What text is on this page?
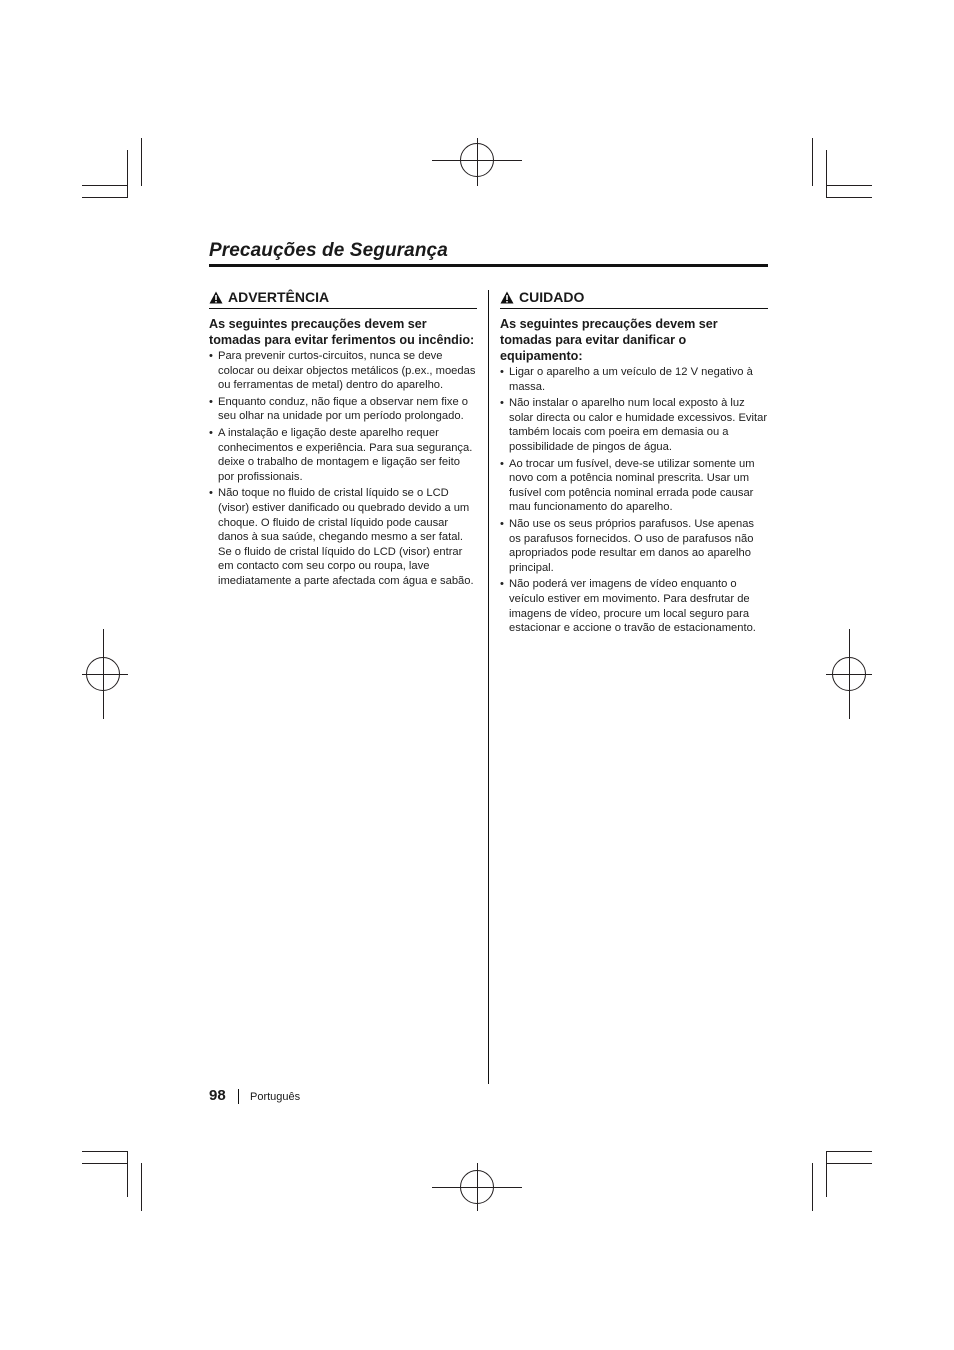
Precauções de Segurança
ADVERTÊNCIA
As seguintes precauções devem ser tomadas para evitar ferimentos ou incêndio:
• Para prevenir curtos-circuitos, nunca se deve colocar ou deixar objectos metálicos (p.ex., moedas ou ferramentas de metal) dentro do aparelho.
• Enquanto conduz, não fique a observar nem fixe o seu olhar na unidade por um período prolongado.
• A instalação e ligação deste aparelho requer conhecimentos e experiência. Para sua segurança. deixe o trabalho de montagem e ligação ser feito por profissionais.
• Não toque no fluido de cristal líquido se o LCD (visor) estiver danificado ou quebrado devido a um choque. O fluido de cristal líquido pode causar danos à sua saúde, chegando mesmo a ser fatal.
Se o fluido de cristal líquido do LCD (visor) entrar em contacto com seu corpo ou roupa, lave imediatamente a parte afectada com água e sabão.
CUIDADO
As seguintes precauções devem ser tomadas para evitar danificar o equipamento:
• Ligar o aparelho a um veículo de 12 V negativo à massa.
• Não instalar o aparelho num local exposto à luz solar directa ou calor e humidade excessivos. Evitar também locais com poeira em demasia ou a possibilidade de pingos de água.
• Ao trocar um fusível, deve-se utilizar somente um novo com a potência nominal prescrita. Usar um fusível com potência nominal errada pode causar mau funcionamento do aparelho.
• Não use os seus próprios parafusos. Use apenas os parafusos fornecidos. O uso de parafusos não apropriados pode resultar em danos ao aparelho principal.
• Não poderá ver imagens de vídeo enquanto o veículo estiver em movimento. Para desfrutar de imagens de vídeo, procure um local seguro para estacionar e accione o travão de estacionamento.
98 Português
